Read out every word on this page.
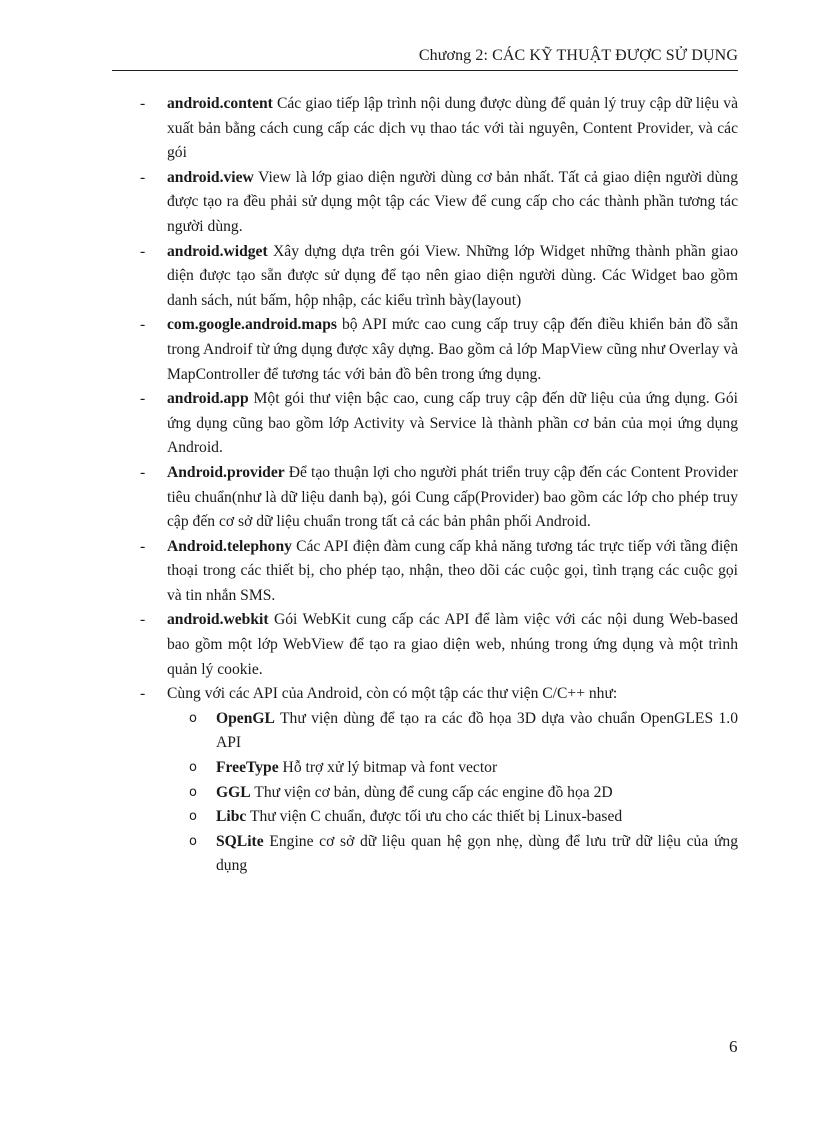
Chương 2: CÁC KỸ THUẬT ĐƯỢC SỬ DỤNG
- android.content Các giao tiếp lập trình nội dung được dùng để quản lý truy cập dữ liệu và xuất bản bằng cách cung cấp các dịch vụ thao tác với tài nguyên, Content Provider, và các gói
- android.view View là lớp giao diện người dùng cơ bản nhất. Tất cả giao diện người dùng được tạo ra đều phải sử dụng một tập các View để cung cấp cho các thành phần tương tác người dùng.
- android.widget Xây dựng dựa trên gói View. Những lớp Widget những thành phần giao diện được tạo sẵn được sử dụng để tạo nên giao diện người dùng. Các Widget bao gồm danh sách, nút bấm, hộp nhập, các kiểu trình bày(layout)
- com.google.android.maps bộ API mức cao cung cấp truy cập đến điều khiển bản đồ sẵn trong Androif từ ứng dụng được xây dựng. Bao gồm cả lớp MapView cũng như Overlay và MapController để tương tác với bản đồ bên trong ứng dụng.
- android.app Một gói thư viện bậc cao, cung cấp truy cập đến dữ liệu của ứng dụng. Gói ứng dụng cũng bao gồm lớp Activity và Service là thành phần cơ bản của mọi ứng dụng Android.
- Android.provider Để tạo thuận lợi cho người phát triển truy cập đến các Content Provider tiêu chuẩn(như là dữ liệu danh bạ), gói Cung cấp(Provider) bao gồm các lớp cho phép truy cập đến cơ sở dữ liệu chuẩn trong tất cả các bản phân phối Android.
- Android.telephony Các API điện đàm cung cấp khả năng tương tác trực tiếp với tầng điện thoại trong các thiết bị, cho phép tạo, nhận, theo dõi các cuộc gọi, tình trạng các cuộc gọi và tin nhắn SMS.
- android.webkit Gói WebKit cung cấp các API để làm việc với các nội dung Web-based bao gồm một lớp WebView để tạo ra giao diện web, nhúng trong ứng dụng và một trình quản lý cookie.
- Cùng với các API của Android, còn có một tập các thư viện C/C++ như:
o OpenGL Thư viện dùng để tạo ra các đồ họa 3D dựa vào chuẩn OpenGLES 1.0 API
o FreeType Hỗ trợ xử lý bitmap và font vector
o GGL Thư viện cơ bản, dùng để cung cấp các engine đồ họa 2D
o Libc Thư viện C chuẩn, được tối ưu cho các thiết bị Linux-based
o SQLite Engine cơ sở dữ liệu quan hệ gọn nhẹ, dùng để lưu trữ dữ liệu của ứng dụng
6
